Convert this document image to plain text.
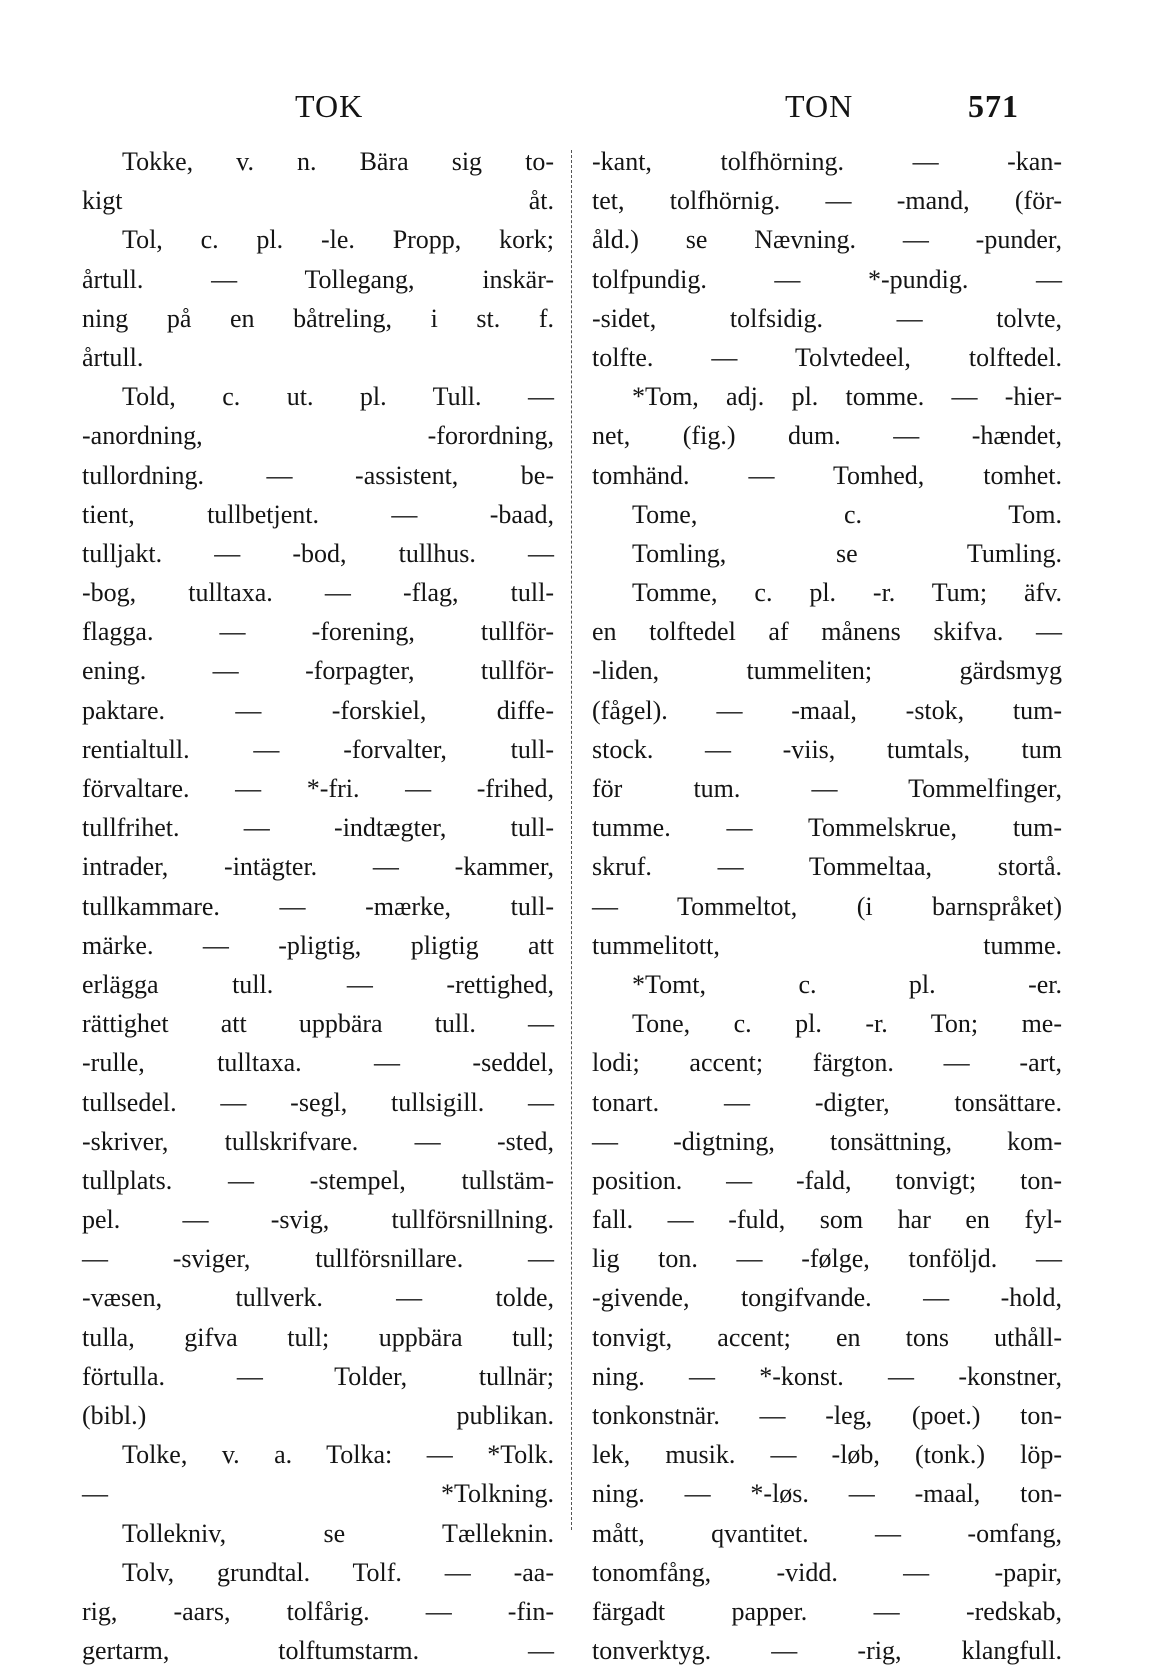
TOK	TON	571
Tokke, v. n. Bära sig to-
kigt åt.
Tol, c. pl. -le. Propp, kork;
årtull. — Tollegang, inskär-
ning på en båtreling, i st. f.
årtull.
Told, c. ut. pl. Tull. —
-anordning, -forordning,
tullordning. — -assistent, be-
tient, tullbetjent. — -baad,
tulljakt. — -bod, tullhus. —
-bog, tulltaxa. — -flag, tull-
flagga. — -forening, tullför-
ening. — -forpagter, tullför-
paktare. — -forskiel, diffe-
rentialtull. — -forvalter, tull-
förvaltare. — *-fri. — -frihed,
tullfrihet. — -indtægter, tull-
intrader, -intägter. — -kammer,
tullkammare. — -mærke, tull-
märke. — -pligtig, pligtig att
erlägga tull. — -rettighed,
rättighet att uppbära tull. —
-rulle, tulltaxa. — -seddel,
tullsedel. — -segl, tullsigill. —
-skriver, tullskrifvare. — -sted,
tullplats. — -stempel, tullstäm-
pel. — -svig, tullförsnillning.
— -sviger, tullförsnillare. —
-væsen, tullverk. — tolde,
tulla, gifva tull; uppbära tull;
förtulla. — Tolder, tullnär;
(bibl.) publikan.
Tolke, v. a. Tolka: — *Tolk.
— *Tolkning.
Tollekniv, se Tælleknin.
Tolv, grundtal. Tolf. — -aa-
rig, -aars, tolfårig. — -fin-
gertarm, tolftumstarm. —
-kant, tolfhörning. — -kan-
tet, tolfhörnig. — -mand, (för-
åld.) se Nævning. — -punder,
tolfpundig. — *-pundig. —
-sidet, tolfsidig. — tolvte,
tolfte. — Tolvtedeel, tolftedel.
*Tom, adj. pl. tomme. — -hier-
net, (fig.) dum. — -hændet,
tomhänd. — Tomhed, tomhet.
Tome, c. Tom.
Tomling, se Tumling.
Tomme, c. pl. -r. Tum; äfv.
en tolftedel af månens skifva. —
-liden, tummeliten; gärdsmyg
(fågel). — -maal, -stok, tum-
stock. — -viis, tumtals, tum
för tum. — Tommelfinger,
tumme. — Tommelskrue, tum-
skruf. — Tommeltaa, stortå.
— Tommeltot, (i barnspråket)
tummelitott, tumme.
*Tomt, c. pl. -er.
Tone, c. pl. -r. Ton; me-
lodi; accent; färgton. — -art,
tonart. — -digter, tonsättare.
— -digtning, tonsättning, kom-
position. — -fald, tonvigt; ton-
fall. — -fuld, som har en fyl-
lig ton. — -følge, tonföljd. —
-givende, tongifvande. — -hold,
tonvigt, accent; en tons uthåll-
ning. — *-konst. — -konstner,
tonkonstnär. — -leg, (poet.) ton-
lek, musik. — -løb, (tonk.) löp-
ning. — *-løs. — -maal, ton-
mått, qvantitet. — -omfang,
tonomfång, -vidd. — -papir,
färgadt papper. — -redskab,
tonverktyg. — -rig, klangfull.
